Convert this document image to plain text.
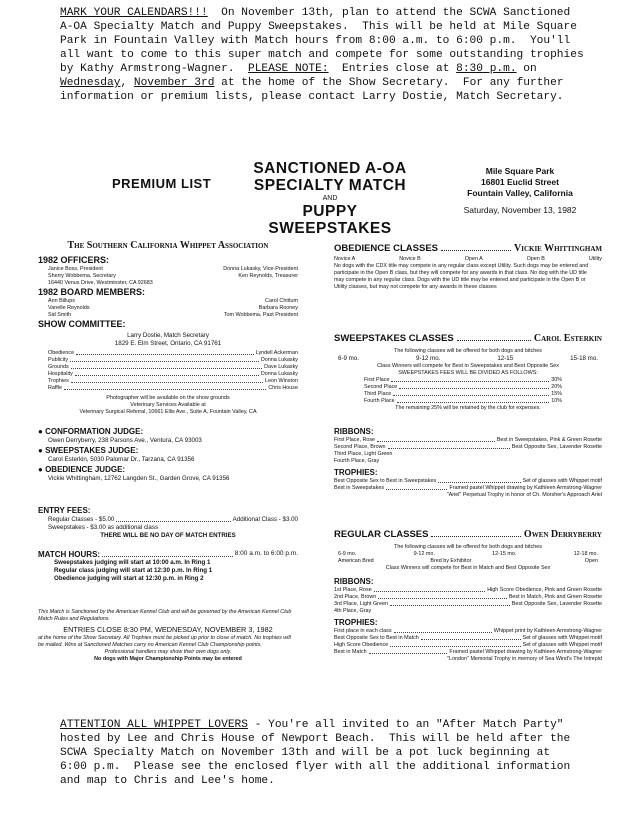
MARK YOUR CALENDARS!!!  On November 13th, plan to attend the SCWA Sanctioned
A-OA Specialty Match and Puppy Sweepstakes.  This will be held at Mile Square
Park in Fountain Valley with Match hours from 8:00 a.m. to 6:00 p.m.  You'll
all want to come to this super match and compete for some outstanding trophies
by Kathy Armstrong-Wagner.  PLEASE NOTE:  Entries close at 8:30 p.m. on
Wednesday, November 3rd at the home of the Show Secretary.  For any further
information or premium lists, please contact Larry Dostie, Match Secretary.
PREMIUM LIST
SANCTIONED A-OA
SPECIALTY MATCH
AND
PUPPY SWEEPSTAKES
Mile Square Park
16801 Euclid Street
Fountain Valley, California
Saturday, November 13, 1982
The Southern California Whippet Association
1982 OFFICERS:
Janice Boss, President	Donna Lukasky, Vice-President
Sherry Wobbema, Secretary	Ken Reynolds, Treasurer
16440 Venus Drive, Westminster, CA 92683
1982 BOARD MEMBERS:
Ann Billups	Carol Chittum
Vanelle Reynolds	Barbara Rooney
Sid Smith	Tom Wobbema, Past President
SHOW COMMITTEE:
Larry Dostie, Match Secretary
1829 E. Elm Street, Ontario, CA 91761
Obedience	Lyndell Ackerman
Publicity	Donna Lukasky
Grounds	Dave Lukasky
Hospitality	Donna Lukasky
Trophies	Leon Winston
Raffle	Chris House
Photographer will be available on the show grounds
Veterinary Services Available at
Veterinary Surgical Referral, 10661 Ellis Ave., Suite A, Fountain Valley, CA
● CONFORMATION JUDGE:
Owen Derryberry, 238 Parsons Ave., Ventura, CA 93003
● SWEEPSTAKES JUDGE:
Carol Esterkin, 5030 Palomar Dr., Tarzana, CA 91356
● OBEDIENCE JUDGE:
Vickie Whittingham, 12762 Langden St., Garden Grove, CA 91356
ENTRY FEES:
Regular Classes - $5.00	Additional Class - $3.00
Sweepstakes - $3.00 as additional class
THERE WILL BE NO DAY OF MATCH ENTRIES
MATCH HOURS:	8:00 a.m. to 6:00 p.m.
Sweepstakes judging will start at 10:00 a.m. In Ring 1
Regular class judging will start at 12:30 p.m. In Ring 1
Obedience judging will start at 12:30 p.m. in Ring 2
This Match is Sanctioned by the American Kennel Club and will be governed by the American Kennel Club
Match Rules and Regulations.
ENTRIES CLOSE 8:30 PM, WEDNESDAY, NOVEMBER 3, 1982
at the home of the Show Secretary. All Trophies must be picked up prior to close of match. No trophies will
be mailed. Wins at Sanctioned Matches carry no American Kennel Club Championship points.
Professional handlers may show their own dogs only.
No dogs with Major Championship Points may be entered
OBEDIENCE CLASSES	Vickie Whittingham
Novice A	Novice B	Open A	Open B	Utility
No dogs with the CDX title may compete in any regular class except Utility. Such dogs may be entered and
participate in the Open B class, but they will compete for any awards in that class. No dog with the UD title
may compete in any regular class. Dogs with the UD title may be entered and participate in the Open B or
Utility classes, but may not compete for any awards in these classes
SWEEPSTAKES CLASSES	Carol Esterkin
The following classes will be offered for both dogs and bitches
6-9 mo.	9-12 mo.	12-15	15-18 mo.
Class Winners will compete for Best in Sweepstakes and Best Opposite Sex
SWEEPSTAKES FEES WILL BE DIVIDED AS FOLLOWS:
First Place	30%
Second Place	20%
Third Place	15%
Fourth Place	10%
The remaining 25% will be retained by the club for expenses.
RIBBONS:
First Place, Rose	Best in Sweepstakes, Pink & Green Rosette
Second Place, Brown	Best Opposite Sex, Lavender Rosette
Third Place, Light Green
Fourth Place, Gray
TROPHIES:
Best Opposite Sex to Best in Sweepstakes	Set of glasses with Whippet motif
Best in Sweepstakes	Framed pastel Whippet drawing by Kathleen Armstrong-Wagner
"Ariel" Perpetual Trophy in honor of Ch. Morsher's Approach Ariel
REGULAR CLASSES	Owen Derryberry
The following classes will be offered for both dogs and bitches
6-9 mo.	9-12 mo.	12-15 mo.	12-18 mo.
American Bred	Bred by Exhibitor	Open
Class Winners will compete for Best in Match and Best Opposite Sex
RIBBONS:
1st Place, Rose	High Score Obedience, Pink and Green Rosette
2nd Place, Brown	Best in Match, Pink and Green Rosette
3rd Place, Light Green	Best Opposite Sex, Lavender Rosette
4th Place, Gray
TROPHIES:
First place in each class	Whippet print by Kathleen Armstrong-Wagner
Best Opposite Sex to Best in Match	Set of glasses with Whippet motif
High Score Obedience	Set of glasses with Whippet motif
Best in Match	Framed pastel Whippet drawing by Kathleen Armstrong-Wagner
"London" Memorial Trophy in memory of Sea Wind's The Intrepid
ATTENTION ALL WHIPPET LOVERS - You're all invited to an "After Match Party"
hosted by Lee and Chris House of Newport Beach.  This will be held after the
SCWA Specialty Match on November 13th and will be a pot luck beginning at
6:00 p.m.  Please see the enclosed flyer with all the additional information
and map to Chris and Lee's home.
